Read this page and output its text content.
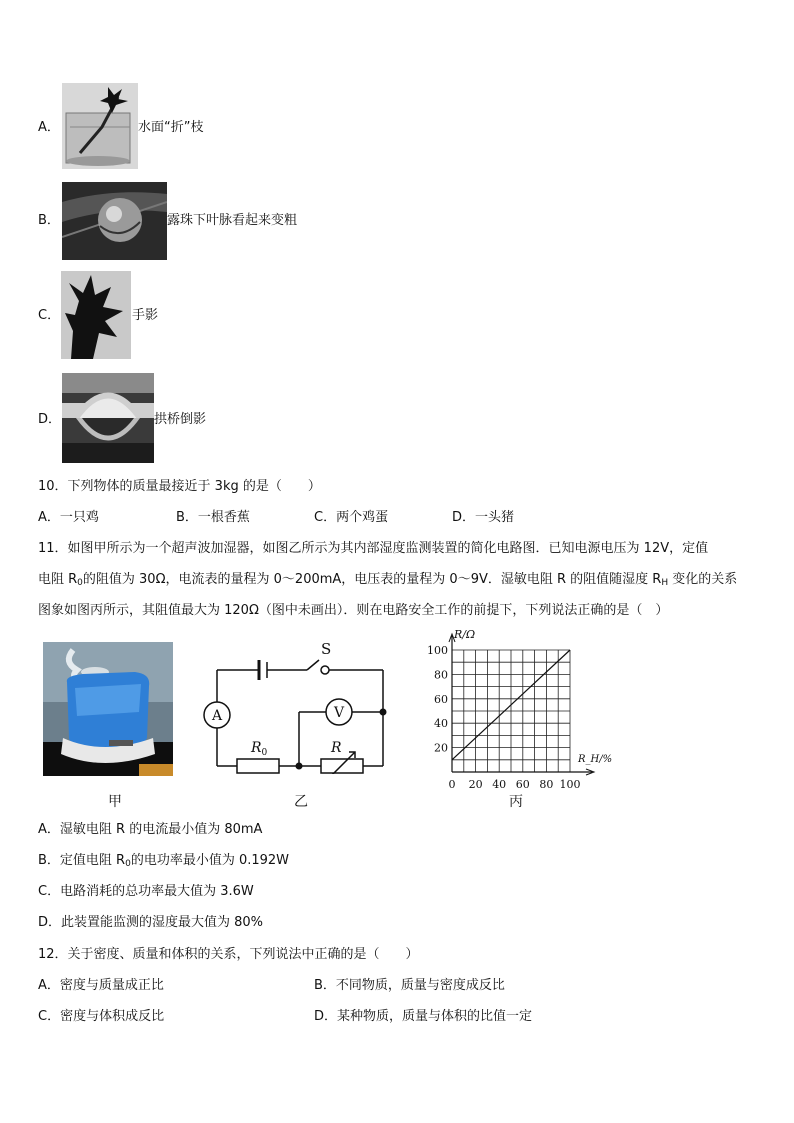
A．	水面“折”枝
B．	露珠下叶脉看起来变粗
C．	手影
D．	拱桥倒影
10．下列物体的质量最接近于 3kg 的是（　　）
A．一只鸡	B．一根香蕉	C．两个鸡蛋	D．一头猪
11．如图甲所示为一个超声波加湿器，如图乙所示为其内部湿度监测装置的简化电路图．已知电源电压为 12V，定值
电阻 $R_0$的阻值为 30Ω，电流表的量程为 0～200mA，电压表的量程为 0～9V．湿敏电阻 R 的阻值随湿度 $R_H$ 变化的关系
图象如图丙所示，其阻值最大为 120Ω（图中未画出）．则在电路安全工作的前提下，下列说法正确的是（　）
甲
A	V
S
$R_0$	R
乙
0 20 40 60 80 100
20
40
60
80
100
R/Ω
R_H/%
丙
A．湿敏电阻 R 的电流最小值为 80mA
B．定值电阻 $R_0$的电功率最小值为 0.192W
C．电路消耗的总功率最大值为 3.6W
D．此装置能监测的湿度最大值为 80%
12．关于密度、质量和体积的关系，下列说法中正确的是（　　）
A．密度与质量成正比	B．不同物质，质量与密度成反比
C．密度与体积成反比	D．某种物质，质量与体积的比值一定
